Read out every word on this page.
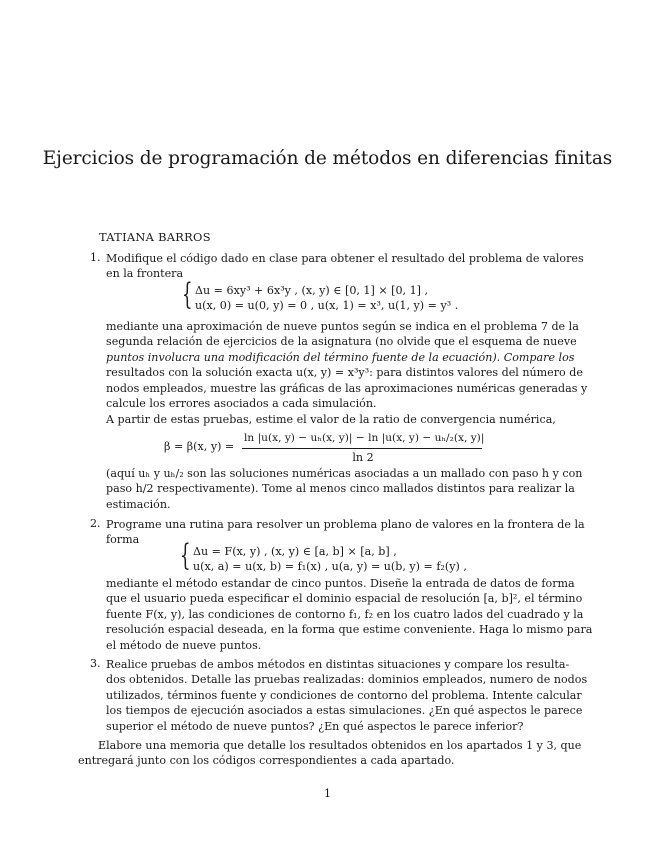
Ejercicios de programación de métodos en diferencias finitas
TATIANA BARROS
1. Modifique el código dado en clase para obtener el resultado del problema de valores
en la frontera
{ Δu = 6xy³ + 6x³y , (x, y) ∈ [0, 1] × [0, 1] ,
u(x, 0) = u(0, y) = 0 , u(x, 1) = x³, u(1, y) = y³ .
mediante una aproximación de nueve puntos según se indica en el problema 7 de la
segunda relación de ejercicios de la asignatura (no olvide que el esquema de nueve
puntos involucra una modificación del término fuente de la ecuación). Compare los
resultados con la solución exacta u(x, y) = x³y³: para distintos valores del número de
nodos empleados, muestre las gráficas de las aproximaciones numéricas generadas y
calcule los errores asociados a cada simulación.
A partir de estas pruebas, estime el valor de la ratio de convergencia numérica,
β = β(x, y) =
ln |u(x, y) − uₕ(x, y)| − ln |u(x, y) − uₕ/₂(x, y)|
ln 2
(aquí uₕ y uₕ/₂ son las soluciones numéricas asociadas a un mallado con paso h y con
paso h/2 respectivamente). Tome al menos cinco mallados distintos para realizar la
estimación.
2. Programe una rutina para resolver un problema plano de valores en la frontera de la
forma	{ Δu = F(x, y) , (x, y) ∈ [a, b] × [a, b] ,
u(x, a) = u(x, b) = f₁(x) , u(a, y) = u(b, y) = f₂(y) ,
mediante el método estandar de cinco puntos. Diseñe la entrada de datos de forma
que el usuario pueda especificar el dominio espacial de resolución [a, b]², el término
fuente F(x, y), las condiciones de contorno f₁, f₂ en los cuatro lados del cuadrado y la
resolución espacial deseada, en la forma que estime conveniente. Haga lo mismo para
el método de nueve puntos.
3. Realice pruebas de ambos métodos en distintas situaciones y compare los resulta-
dos obtenidos. Detalle las pruebas realizadas: dominios empleados, numero de nodos
utilizados, términos fuente y condiciones de contorno del problema. Intente calcular
los tiempos de ejecución asociados a estas simulaciones. ¿En qué aspectos le parece
superior el método de nueve puntos? ¿En qué aspectos le parece inferior?
Elabore una memoria que detalle los resultados obtenidos en los apartados 1 y 3, que
entregará junto con los códigos correspondientes a cada apartado.
1
